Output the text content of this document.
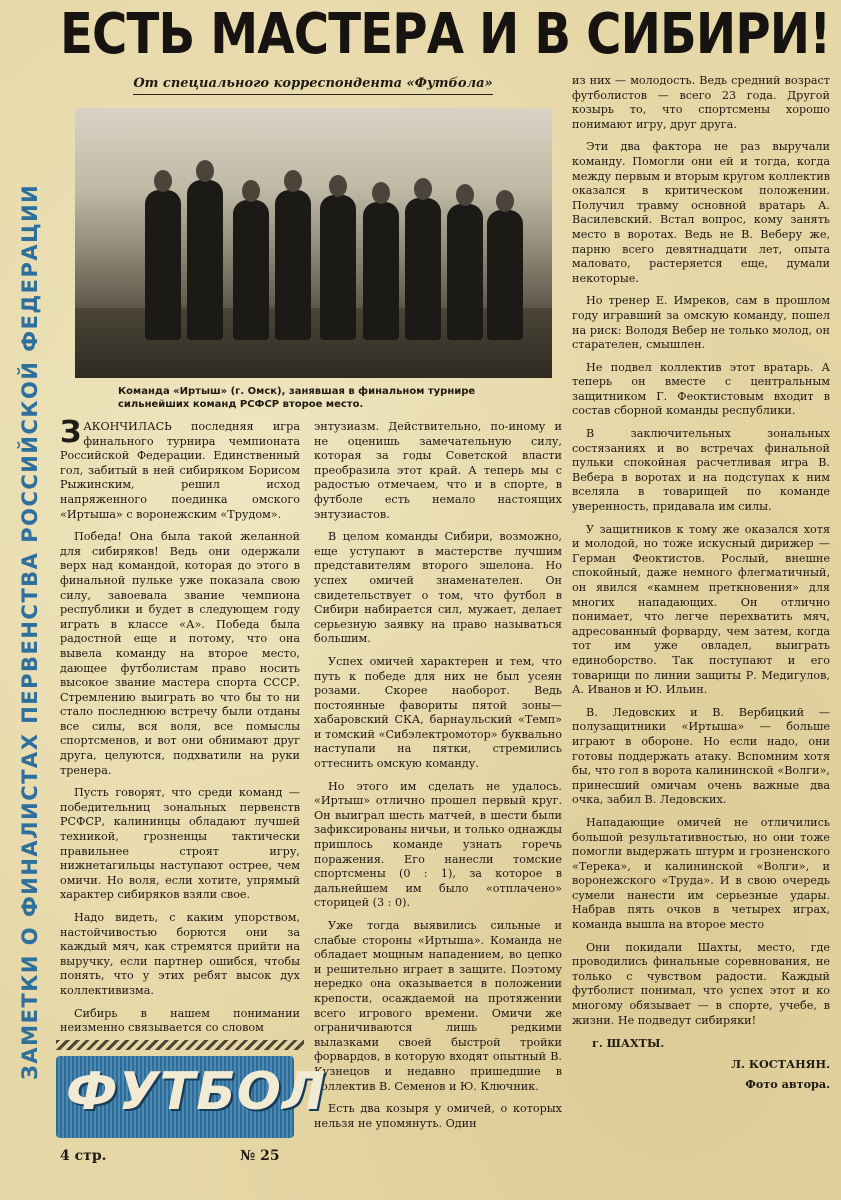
ЕСТЬ МАСТЕРА И В СИБИРИ!
От специального корреспондента «Футбола»
ЗАМЕТКИ О ФИНАЛИСТАХ ПЕРВЕНСТВА РОССИЙСКОЙ ФЕДЕРАЦИИ	Команда «Иртыш» (г. Омск), занявшая в финальном турнире сильнейших команд РСФСР второе место.

ЗАКОНЧИЛАСЬ последняя игра финального турнира чемпионата Российской Федерации. Единственный гол, забитый в ней сибиряком Борисом Рыжинским, решил исход напряженного поединка омского «Иртыша» с воронежским «Трудом».

Победа! Она была такой желанной для сибиряков! Ведь они одержали верх над командой, которая до этого в финальной пульке уже показала свою силу, завоевала звание чемпиона республики и будет в следующем году играть в классе «А». Победа была радостной еще и потому, что она вывела команду на второе место, дающее футболистам право носить высокое звание мастера спорта СССР. Стремлению выиграть во что бы то ни стало последнюю встречу были отданы все силы, вся воля, все помыслы спортсменов, и вот они обнимают друг друга, целуются, подхватили на руки тренера.

Пусть говорят, что среди команд — победительниц зональных первенств РСФСР, калининцы обладают лучшей техникой, грозненцы тактически правильнее строят игру, нижнетагильцы наступают острее, чем омичи. Но воля, если хотите, упрямый характер сибиряков взяли свое.

Надо видеть, с каким упорством, настойчивостью борются они за каждый мяч, как стремятся прийти на выручку, если партнер ошибся, чтобы понять, что у этих ребят высок дух коллективизма.

Сибирь в нашем понимании неизменно связывается со словом

энтузиазм. Действительно, по-иному и не оценишь замечательную силу, которая за годы Советской власти преобразила этот край. А теперь мы с радостью отмечаем, что и в спорте, в футболе есть немало настоящих энтузиастов.

В целом команды Сибири, возможно, еще уступают в мастерстве лучшим представителям второго эшелона. Но успех омичей знаменателен. Он свидетельствует о том, что футбол в Сибири набирается сил, мужает, делает серьезную заявку на право называться большим.

Успех омичей характерен и тем, что путь к победе для них не был усеян розами. Скорее наоборот. Ведь постоянные фавориты пятой зоны—хабаровский СКА, барнаульский «Темп» и томский «Сибэлектромотор» буквально наступали на пятки, стремились оттеснить омскую команду.

Но этого им сделать не удалось. «Иртыш» отлично прошел первый круг. Он выиграл шесть матчей, в шести были зафиксированы ничьи, и только однажды пришлось команде узнать горечь поражения. Его нанесли томские спортсмены (0 : 1), за которое в дальнейшем им было «отплачено» сторицей (3 : 0).

Уже тогда выявились сильные и слабые стороны «Иртыша». Команда не обладает мощным нападением, во цепко и решительно играет в защите. Поэтому нередко она оказывается в положении крепости, осаждаемой на протяжении всего игрового времени. Омичи же ограничиваются лишь редкими вылазками своей быстрой тройки форвардов, в которую входят опытный В. Кузнецов и недавно пришедшие в коллектив В. Семенов и Ю. Ключник.

Есть два козыря у омичей, о которых нельзя не упомянуть. Один

из них — молодость. Ведь средний возраст футболистов — всего 23 года. Другой козырь то, что спортсмены хорошо понимают игру, друг друга.

Эти два фактора не раз выручали команду. Помогли они ей и тогда, когда между первым и вторым кругом коллектив оказался в критическом положении. Получил травму основной вратарь А. Василевский. Встал вопрос, кому занять место в воротах. Ведь не В. Веберу же, парню всего девятнадцати лет, опыта маловато, растеряется еще, думали некоторые.

Но тренер Е. Имреков, сам в прошлом году игравший за омскую команду, пошел на риск: Володя Вебер не только молод, он старателен, смышлен.

Не подвел коллектив этот вратарь. А теперь он вместе с центральным защитником Г. Феоктистовым входит в состав сборной команды республики.

В заключительных зональных состязаниях и во встречах финальной пульки спокойная расчетливая игра В. Вебера в воротах и на подступах к ним вселяла в товарищей по команде уверенность, придавала им силы.

У защитников к тому же оказался хотя и молодой, но тоже искусный дирижер — Герман Феоктистов. Рослый, внешне спокойный, даже немного флегматичный, он явился «камнем преткновения» для многих нападающих. Он отлично понимает, что легче перехватить мяч, адресованный форварду, чем затем, когда тот им уже овладел, выиграть единоборство. Так поступают и его товарищи по линии защиты Р. Медигулов, А. Иванов и Ю. Ильин.

В. Ледовских и В. Вербицкий — полузащитники «Иртыша» — больше играют в обороне. Но если надо, они готовы поддержать атаку. Вспомним хотя бы, что гол в ворота калининской «Волги», принесший омичам очень важные два очка, забил В. Ледовских.

Нападающие омичей не отличились большой результативностью, но они тоже помогли выдержать штурм и грозненского «Терека», и калининской «Волги», и воронежского «Труда». И в свою очередь сумели нанести им серьезные удары. Набрав пять очков в четырех играх, команда вышла на второе место

Они покидали Шахты, место, где проводились финальные соревнования, не только с чувством радости. Каждый футболист понимал, что успех этот и ко многому обязывает — в спорте, учебе, в жизни. Не подведут сибиряки!

г. ШАХТЫ.
Л. КОСТАНЯН.
Фото автора.
ФУТБОЛ
4 стр.	№ 25
